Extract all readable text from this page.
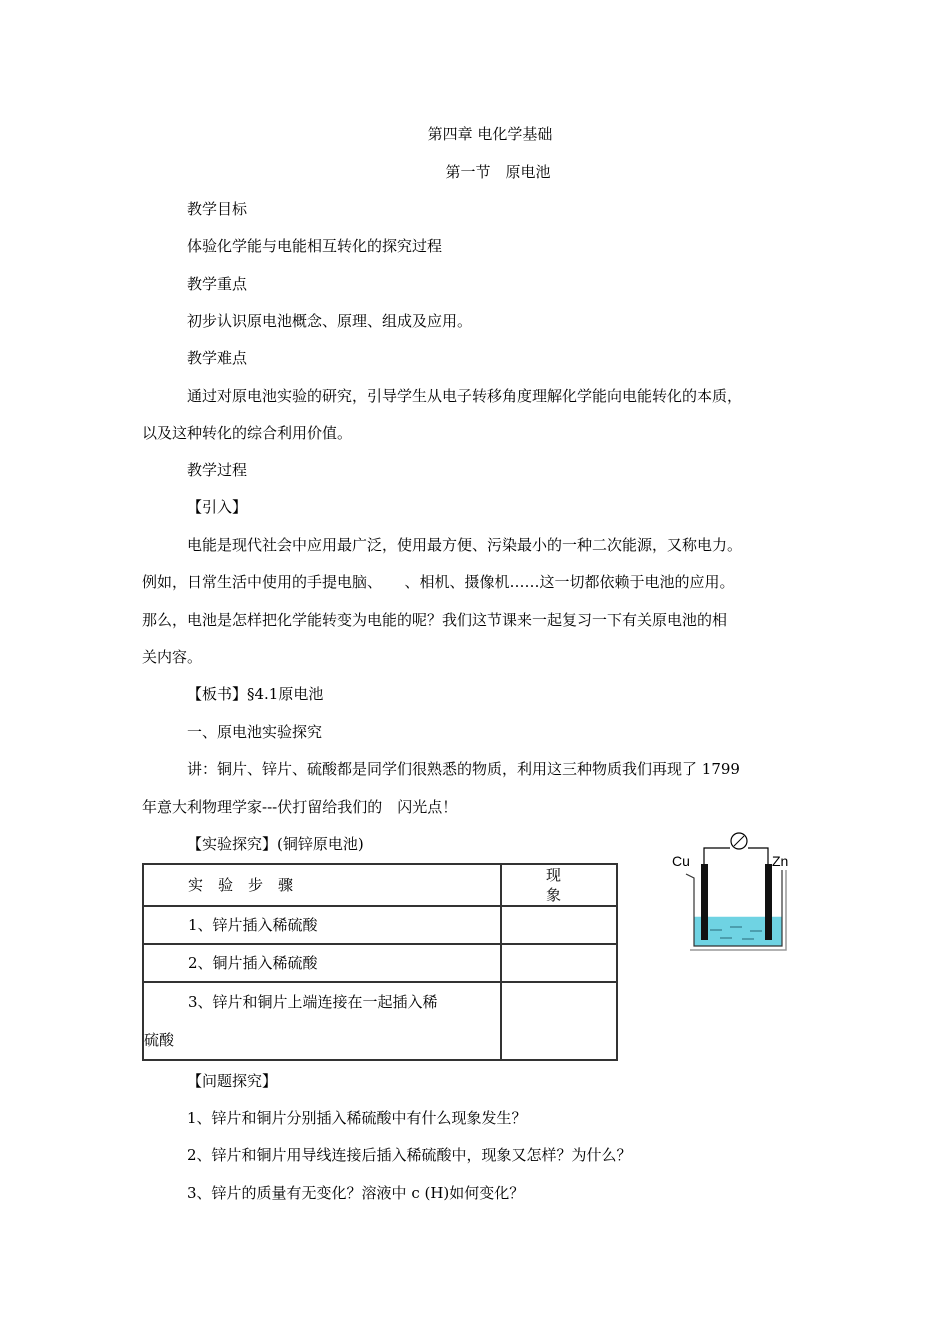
第四章 电化学基础
第一节　原电池
教学目标
体验化学能与电能相互转化的探究过程
教学重点
初步认识原电池概念、原理、组成及应用。
教学难点
通过对原电池实验的研究，引导学生从电子转移角度理解化学能向电能转化的本质，
以及这种转化的综合利用价值。
教学过程
【引入】
电能是现代社会中应用最广泛，使用最方便、污染最小的一种二次能源，又称电力。
例如，日常生活中使用的手提电脑、　　、相机、摄像机……这一切都依赖于电池的应用。
那么，电池是怎样把化学能转变为电能的呢？我们这节课来一起复习一下有关原电池的相
关内容。
【板书】§4.1原电池
一、原电池实验探究
讲：铜片、锌片、硫酸都是同学们很熟悉的物质，利用这三种物质我们再现了 1799
年意大利物理学家---伏打留给我们的　闪光点！
【实验探究】(铜锌原电池)
实　验　步　骤	现　　　象
1、锌片插入稀硫酸	
2、铜片插入稀硫酸	

3、锌片和铜片上端连接在一起插入稀
硫酸	

Cu	Zn
【问题探究】
1、锌片和铜片分别插入稀硫酸中有什么现象发生？
2、锌片和铜片用导线连接后插入稀硫酸中，现象又怎样？为什么？
3、锌片的质量有无变化？溶液中 c (H)如何变化？
